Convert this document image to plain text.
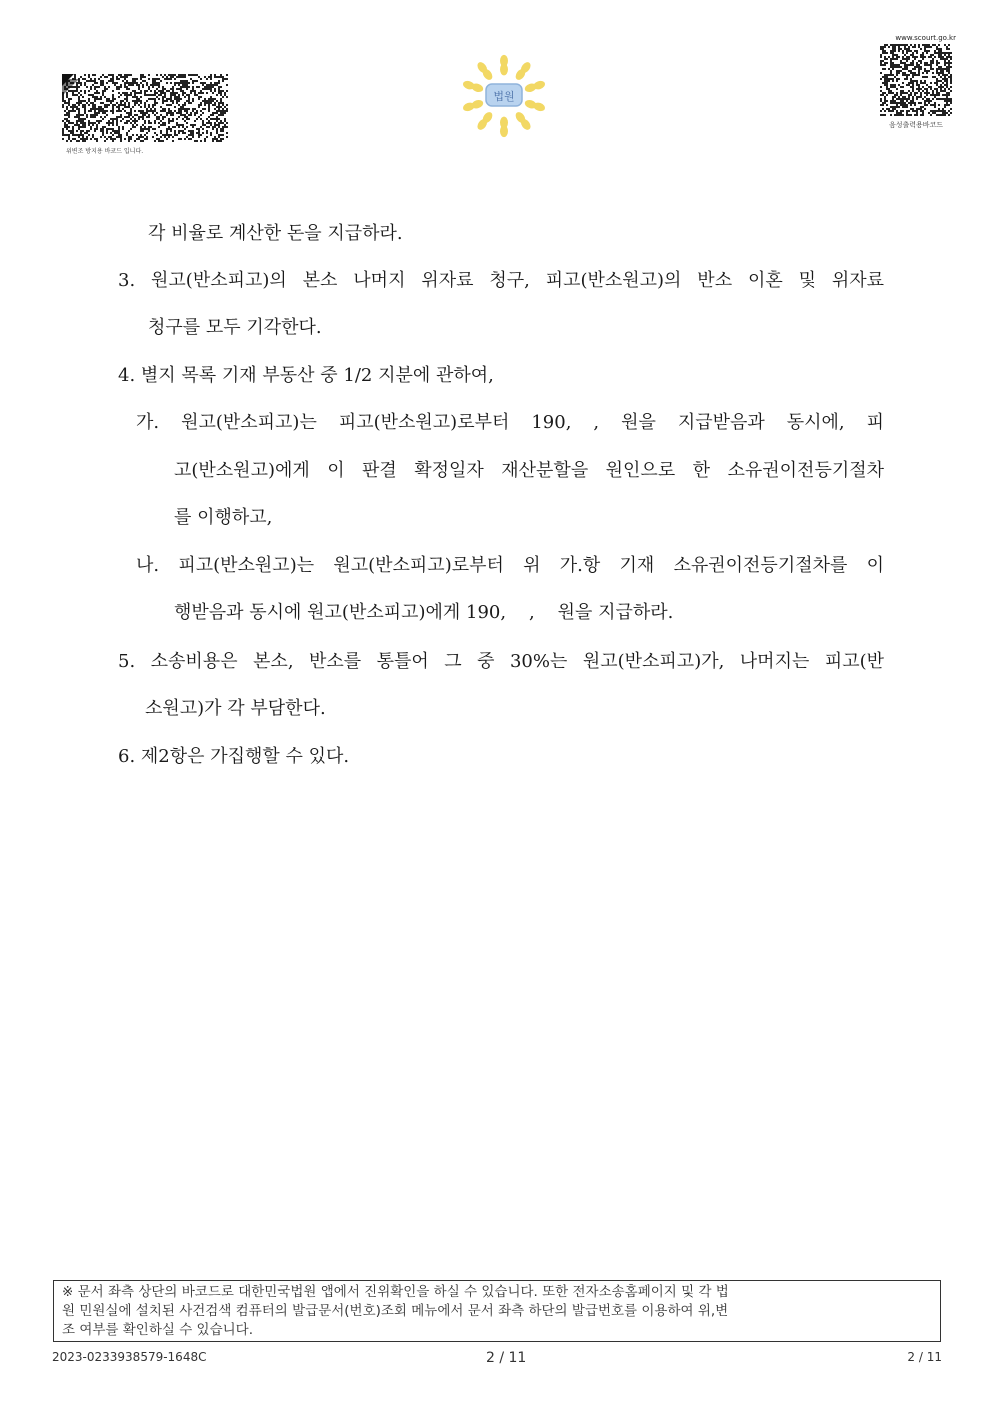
위변조 방지용 바코드 입니다.
법원
www.scourt.go.kr
음성출력용바코드
각 비율로 계산한 돈을 지급하라.
3. 원고(반소피고)의 본소 나머지 위자료 청구, 피고(반소원고)의 반소 이혼 및 위자료
청구를 모두 기각한다.
4. 별지 목록 기재 부동산 중 1/2 지분에 관하여,
가. 원고(반소피고)는 피고(반소원고)로부터 190, , 원을 지급받음과 동시에, 피
고(반소원고)에게 이 판결 확정일자 재산분할을 원인으로 한 소유권이전등기절차
를 이행하고,
나. 피고(반소원고)는 원고(반소피고)로부터 위 가.항 기재 소유권이전등기절차를 이
행받음과 동시에 원고(반소피고)에게 190,    ,    원을 지급하라.
5. 소송비용은 본소, 반소를 통틀어 그 중 30%는 원고(반소피고)가, 나머지는 피고(반
소원고)가 각 부담한다.
6. 제2항은 가집행할 수 있다.
※ 문서 좌측 상단의 바코드로 대한민국법원 앱에서 진위확인을 하실 수 있습니다. 또한 전자소송홈페이지 및 각 법
원 민원실에 설치된 사건검색 컴퓨터의 발급문서(번호)조회 메뉴에서 문서 좌측 하단의 발급번호를 이용하여 위,변
조 여부를 확인하실 수 있습니다.
2023-0233938579-1648C	2 / 11	2 / 11
